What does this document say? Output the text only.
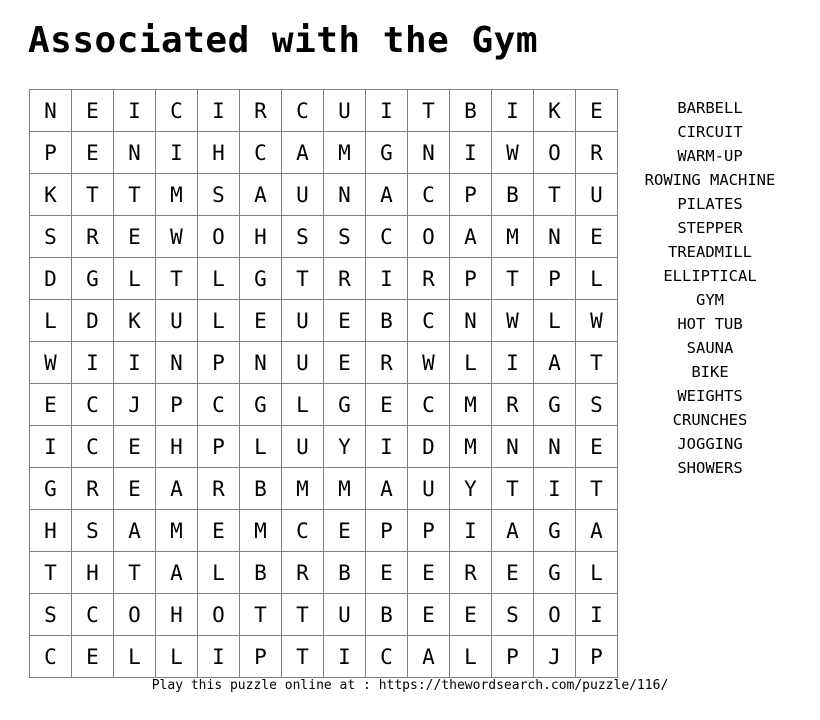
Associated with the Gym
N	E	I	C	I	R	C	U	I	T	B	I	K	E
P	E	N	I	H	C	A	M	G	N	I	W	O	R
K	T	T	M	S	A	U	N	A	C	P	B	T	U
S	R	E	W	O	H	S	S	C	O	A	M	N	E
D	G	L	T	L	G	T	R	I	R	P	T	P	L
L	D	K	U	L	E	U	E	B	C	N	W	L	W
W	I	I	N	P	N	U	E	R	W	L	I	A	T
E	C	J	P	C	G	L	G	E	C	M	R	G	S
I	C	E	H	P	L	U	Y	I	D	M	N	N	E
G	R	E	A	R	B	M	M	A	U	Y	T	I	T
H	S	A	M	E	M	C	E	P	P	I	A	G	A
T	H	T	A	L	B	R	B	E	E	R	E	G	L
S	C	O	H	O	T	T	U	B	E	E	S	O	I
C	E	L	L	I	P	T	I	C	A	L	P	J	P
BARBELL
CIRCUIT
WARM-UP
ROWING MACHINE
PILATES
STEPPER
TREADMILL
ELLIPTICAL
GYM
HOT TUB
SAUNA
BIKE
WEIGHTS
CRUNCHES
JOGGING
SHOWERS
Play this puzzle online at : https://thewordsearch.com/puzzle/116/
